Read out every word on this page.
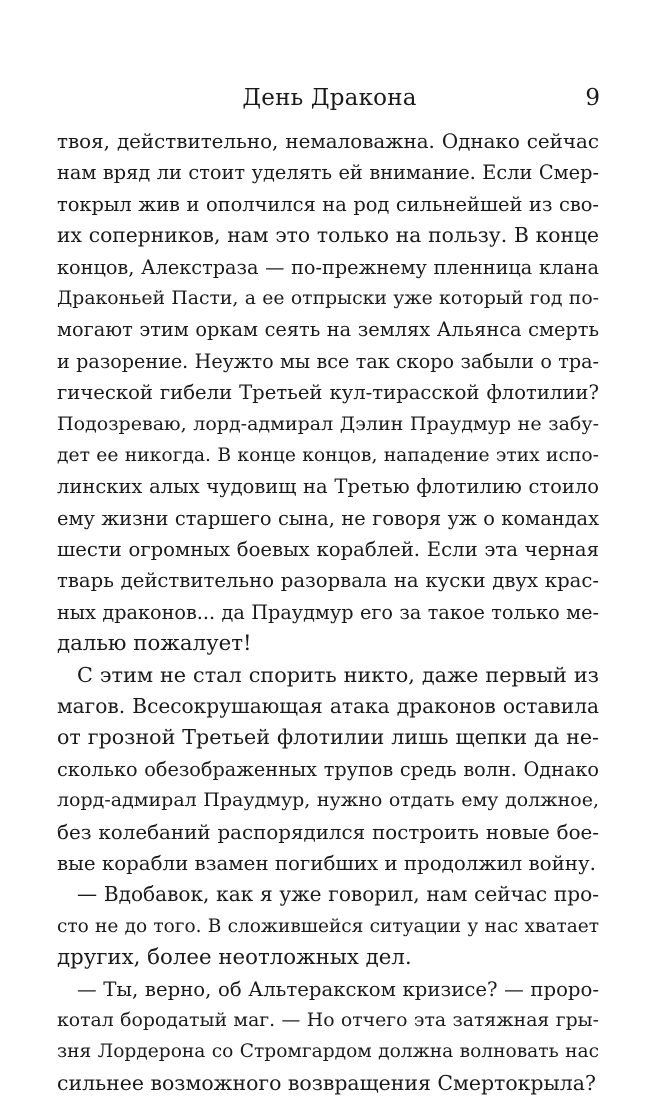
День Дракона	9
твоя, действительно, немаловажна. Однако сейчас
нам вряд ли стоит уделять ей внимание. Если Смер-
токрыл жив и ополчился на род сильнейшей из сво-
их соперников, нам это только на пользу. В конце
концов, Алекстраза — по-прежнему пленница клана
Драконьей Пасти, а ее отпрыски уже который год по-
могают этим оркам сеять на землях Альянса смерть
и разорение. Неужто мы все так скоро забыли о тра-
гической гибели Третьей кул-тирасской флотилии?
Подозреваю, лорд-адмирал Дэлин Праудмур не забу-
дет ее никогда. В конце концов, нападение этих испо-
линских алых чудовищ на Третью флотилию стоило
ему жизни старшего сына, не говоря уж о командах
шести огромных боевых кораблей. Если эта черная
тварь действительно разорвала на куски двух крас-
ных драконов... да Праудмур его за такое только ме-
далью пожалует!
С этим не стал спорить никто, даже первый из
магов. Всесокрушающая атака драконов оставила
от грозной Третьей флотилии лишь щепки да не-
сколько обезображенных трупов средь волн. Однако
лорд-адмирал Праудмур, нужно отдать ему должное,
без колебаний распорядился построить новые бое-
вые корабли взамен погибших и продолжил войну.
— Вдобавок, как я уже говорил, нам сейчас про-
сто не до того. В сложившейся ситуации у нас хватает
других, более неотложных дел.
— Ты, верно, об Альтеракском кризисе? — проро-
котал бородатый маг. — Но отчего эта затяжная гры-
зня Лордерона со Стромгардом должна волновать нас
сильнее возможного возвращения Смертокрыла?
